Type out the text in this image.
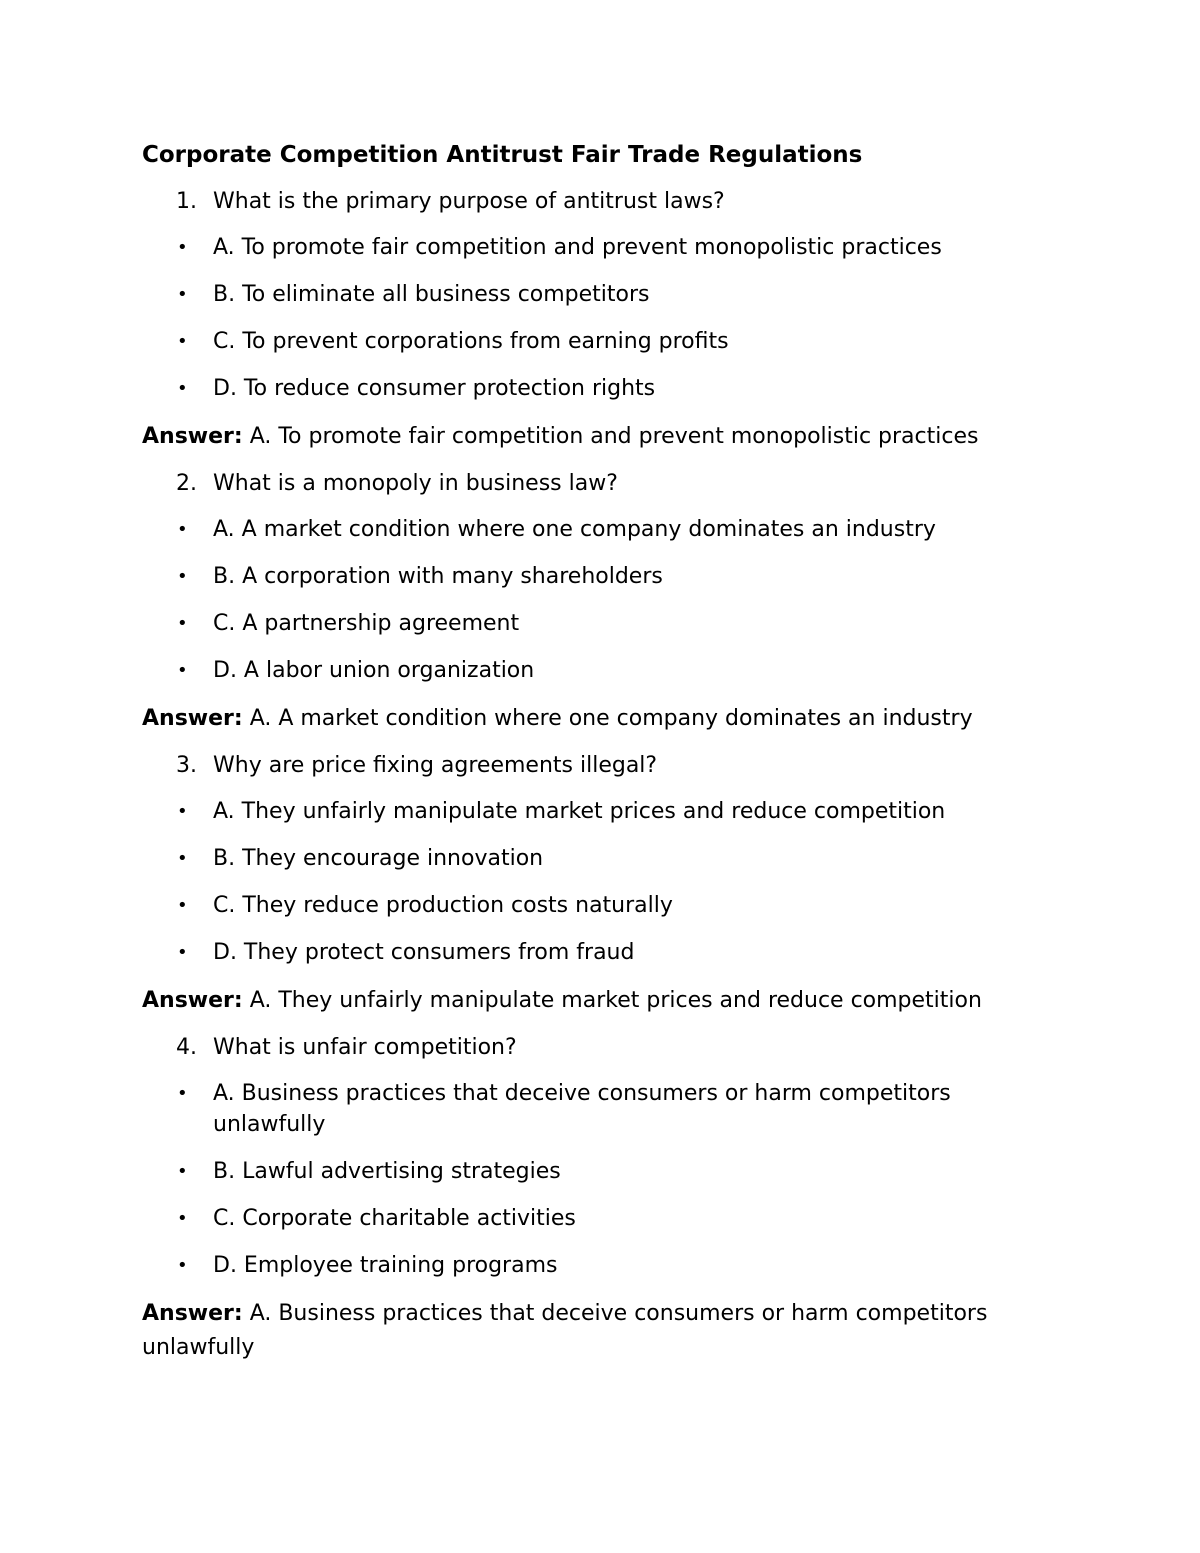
Corporate Competition Antitrust Fair Trade Regulations
1. What is the primary purpose of antitrust laws?
• A. To promote fair competition and prevent monopolistic practices
• B. To eliminate all business competitors
• C. To prevent corporations from earning profits
• D. To reduce consumer protection rights
Answer: A. To promote fair competition and prevent monopolistic practices
2. What is a monopoly in business law?
• A. A market condition where one company dominates an industry
• B. A corporation with many shareholders
• C. A partnership agreement
• D. A labor union organization
Answer: A. A market condition where one company dominates an industry
3. Why are price fixing agreements illegal?
• A. They unfairly manipulate market prices and reduce competition
• B. They encourage innovation
• C. They reduce production costs naturally
• D. They protect consumers from fraud
Answer: A. They unfairly manipulate market prices and reduce competition
4. What is unfair competition?
• A. Business practices that deceive consumers or harm competitors unlawfully
• B. Lawful advertising strategies
• C. Corporate charitable activities
• D. Employee training programs
Answer: A. Business practices that deceive consumers or harm competitors unlawfully
